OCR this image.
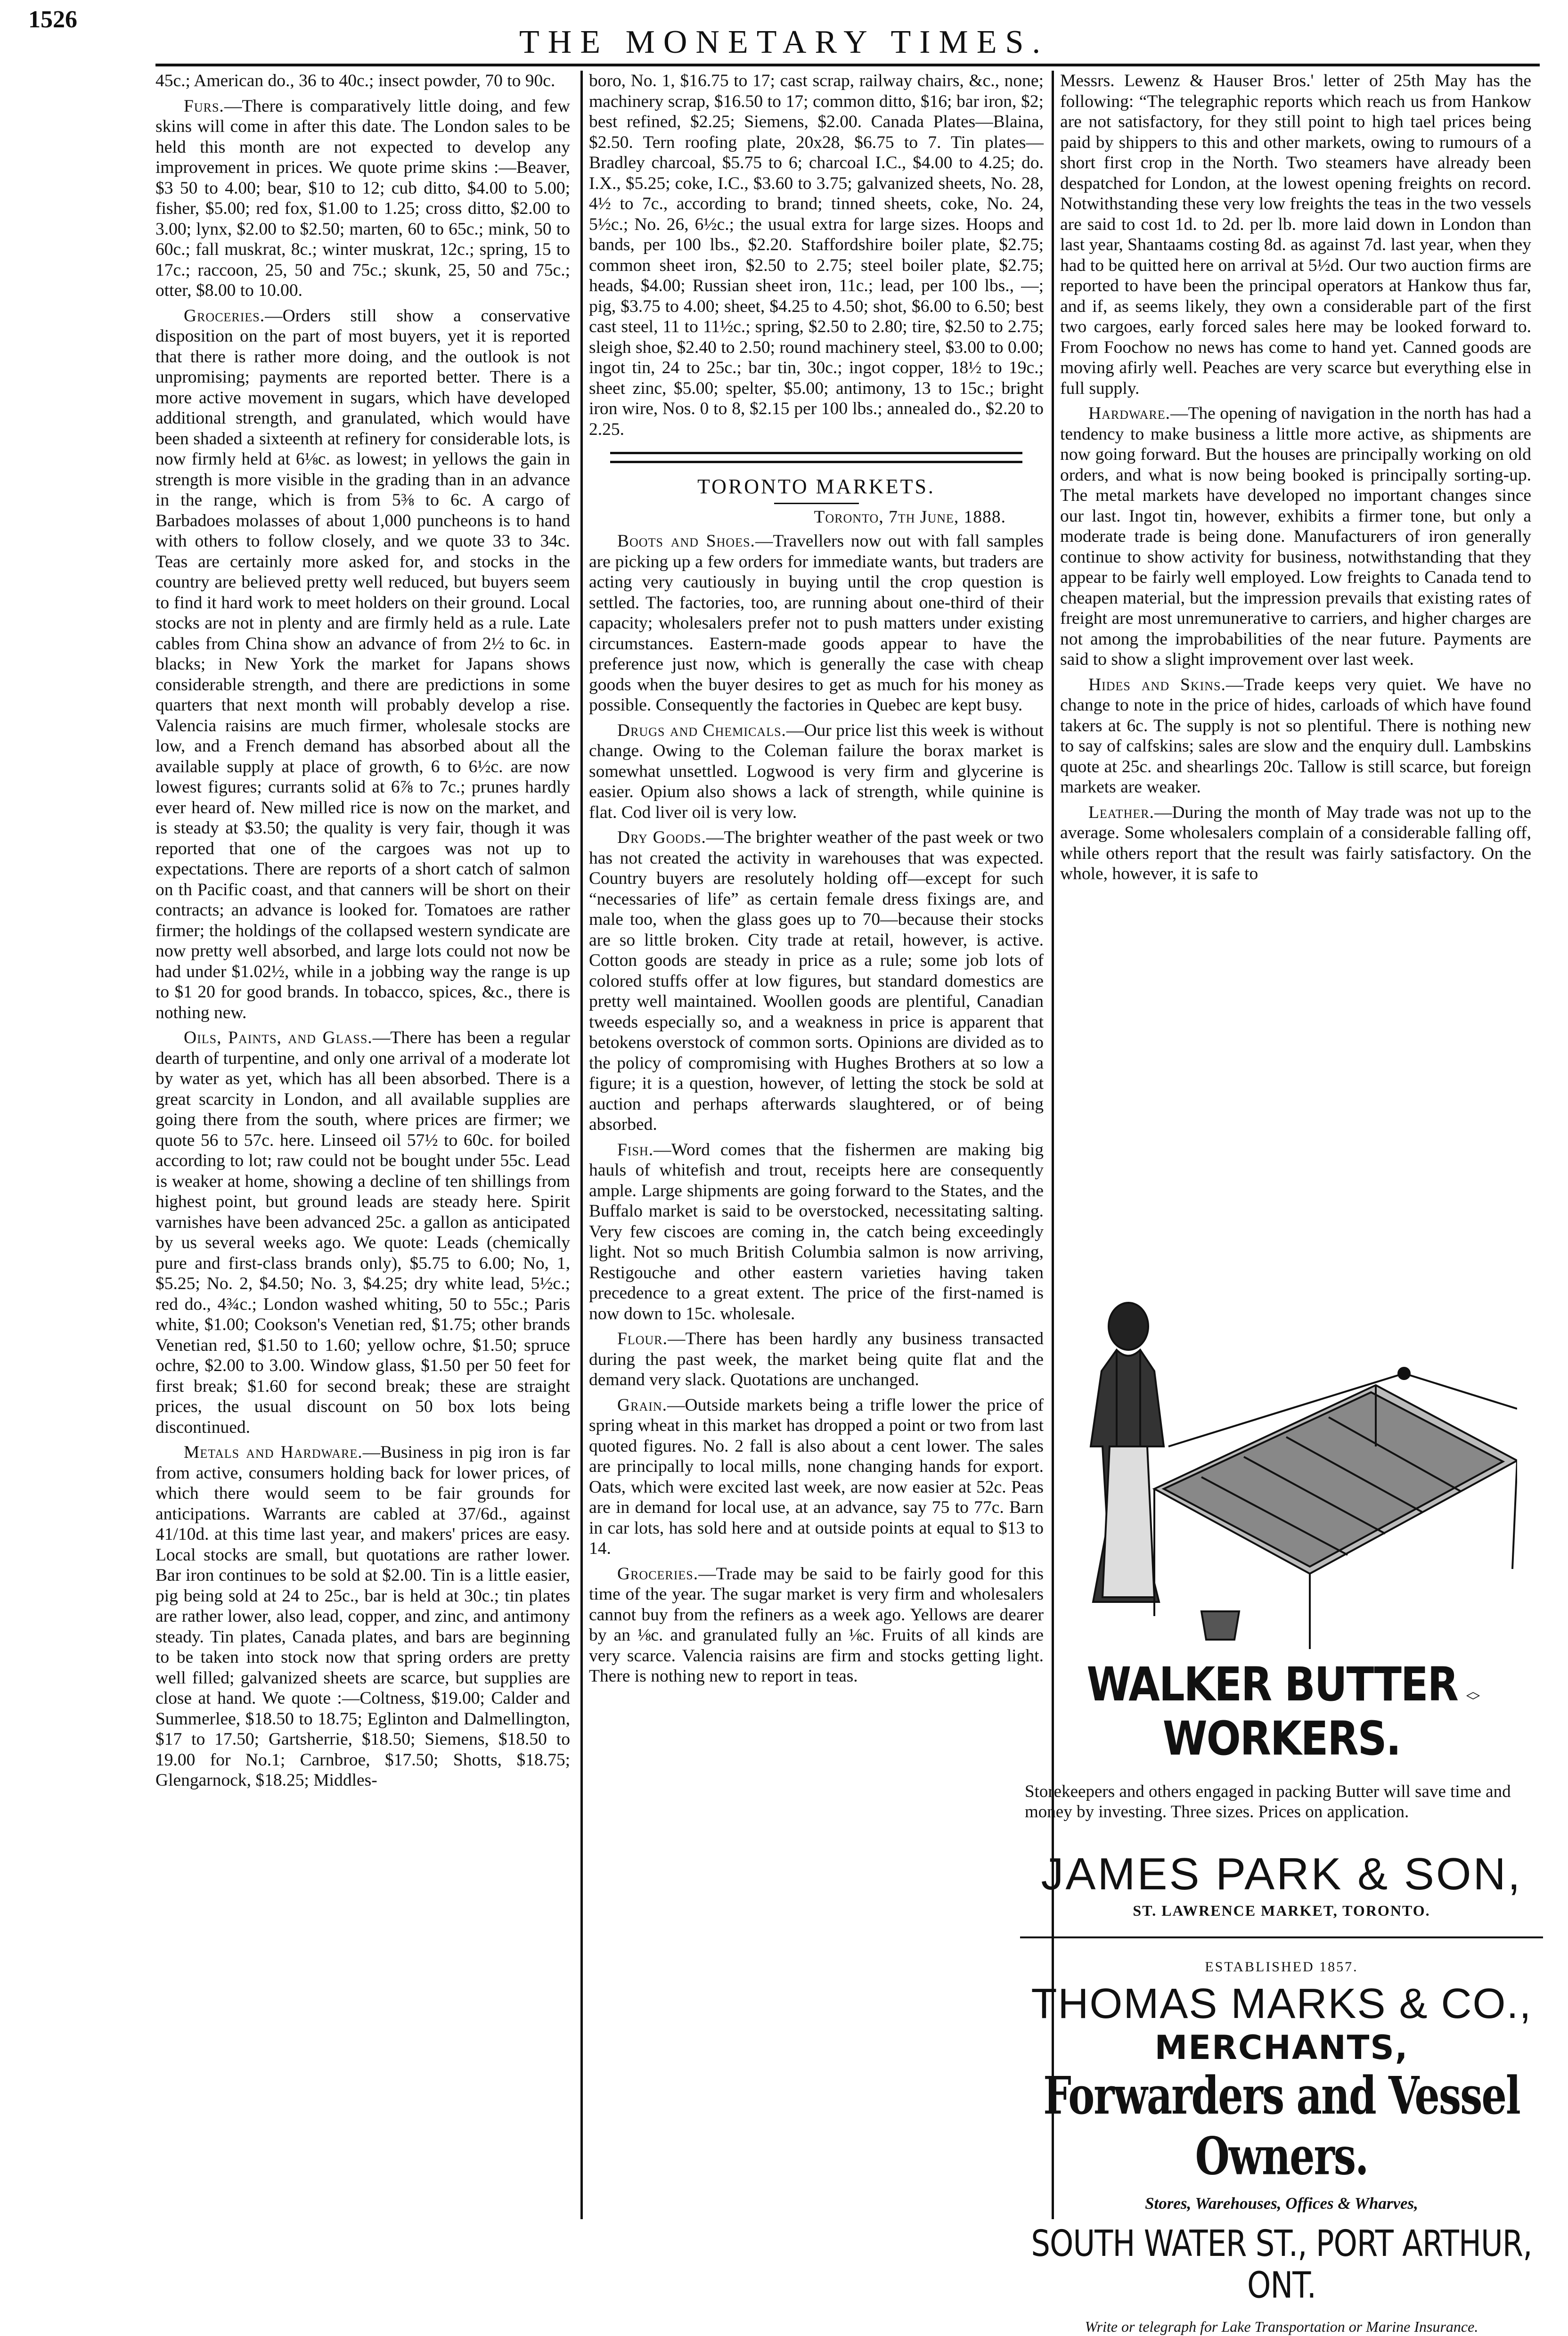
1526
THE MONETARY TIMES.

45c.; American do., 36 to 40c.; insect powder, 70 to 90c.

Furs.—There is comparatively little doing, and few skins will come in after this date. The London sales to be held this month are not expected to develop any improvement in prices. We quote prime skins :—Beaver, $3 50 to 4.00; bear, $10 to 12; cub ditto, $4.00 to 5.00; fisher, $5.00; red fox, $1.00 to 1.25; cross ditto, $2.00 to 3.00; lynx, $2.00 to $2.50; marten, 60 to 65c.; mink, 50 to 60c.; fall muskrat, 8c.; winter muskrat, 12c.; spring, 15 to 17c.; raccoon, 25, 50 and 75c.; skunk, 25, 50 and 75c.; otter, $8.00 to 10.00.

Groceries.—Orders still show a conservative disposition on the part of most buyers, yet it is reported that there is rather more doing, and the outlook is not unpromising; payments are reported better. There is a more active movement in sugars, which have developed additional strength, and granulated, which would have been shaded a sixteenth at refinery for considerable lots, is now firmly held at 6⅛c. as lowest; in yellows the gain in strength is more visible in the grading than in an advance in the range, which is from 5⅜ to 6c. A cargo of Barbadoes molasses of about 1,000 puncheons is to hand with others to follow closely, and we quote 33 to 34c. Teas are certainly more asked for, and stocks in the country are believed pretty well reduced, but buyers seem to find it hard work to meet holders on their ground. Local stocks are not in plenty and are firmly held as a rule. Late cables from China show an advance of from 2½ to 6c. in blacks; in New York the market for Japans shows considerable strength, and there are predictions in some quarters that next month will probably develop a rise. Valencia raisins are much firmer, wholesale stocks are low, and a French demand has absorbed about all the available supply at place of growth, 6 to 6½c. are now lowest figures; currants solid at 6⅞ to 7c.; prunes hardly ever heard of. New milled rice is now on the market, and is steady at $3.50; the quality is very fair, though it was reported that one of the cargoes was not up to expectations. There are reports of a short catch of salmon on th Pacific coast, and that canners will be short on their contracts; an advance is looked for. Tomatoes are rather firmer; the holdings of the collapsed western syndicate are now pretty well absorbed, and large lots could not now be had under $1.02½, while in a jobbing way the range is up to $1 20 for good brands. In tobacco, spices, &c., there is nothing new.

Oils, Paints, and Glass.—There has been a regular dearth of turpentine, and only one arrival of a moderate lot by water as yet, which has all been absorbed. There is a great scarcity in London, and all available supplies are going there from the south, where prices are firmer; we quote 56 to 57c. here. Linseed oil 57½ to 60c. for boiled according to lot; raw could not be bought under 55c. Lead is weaker at home, showing a decline of ten shillings from highest point, but ground leads are steady here. Spirit varnishes have been advanced 25c. a gallon as anticipated by us several weeks ago. We quote: Leads (chemically pure and first-class brands only), $5.75 to 6.00; No, 1, $5.25; No. 2, $4.50; No. 3, $4.25; dry white lead, 5½c.; red do., 4¾c.; London washed whiting, 50 to 55c.; Paris white, $1.00; Cookson's Venetian red, $1.75; other brands Venetian red, $1.50 to 1.60; yellow ochre, $1.50; spruce ochre, $2.00 to 3.00. Window glass, $1.50 per 50 feet for first break; $1.60 for second break; these are straight prices, the usual discount on 50 box lots being discontinued.

Metals and Hardware.—Business in pig iron is far from active, consumers holding back for lower prices, of which there would seem to be fair grounds for anticipations. Warrants are cabled at 37/6d., against 41/10d. at this time last year, and makers' prices are easy. Local stocks are small, but quotations are rather lower. Bar iron continues to be sold at $2.00. Tin is a little easier, pig being sold at 24 to 25c., bar is held at 30c.; tin plates are rather lower, also lead, copper, and zinc, and antimony steady. Tin plates, Canada plates, and bars are beginning to be taken into stock now that spring orders are pretty well filled; galvanized sheets are scarce, but supplies are close at hand. We quote :—Coltness, $19.00; Calder and Summerlee, $18.50 to 18.75; Eglinton and Dalmellington, $17 to 17.50; Gartsherrie, $18.50; Siemens, $18.50 to 19.00 for No.1; Carnbroe, $17.50; Shotts, $18.75; Glengarnock, $18.25; Middles-

boro, No. 1, $16.75 to 17; cast scrap, railway chairs, &c., none; machinery scrap, $16.50 to 17; common ditto, $16; bar iron, $2; best refined, $2.25; Siemens, $2.00. Canada Plates—Blaina, $2.50. Tern roofing plate, 20x28, $6.75 to 7. Tin plates—Bradley charcoal, $5.75 to 6; charcoal I.C., $4.00 to 4.25; do. I.X., $5.25; coke, I.C., $3.60 to 3.75; galvanized sheets, No. 28, 4½ to 7c., according to brand; tinned sheets, coke, No. 24, 5½c.; No. 26, 6½c.; the usual extra for large sizes. Hoops and bands, per 100 lbs., $2.20. Staffordshire boiler plate, $2.75; common sheet iron, $2.50 to 2.75; steel boiler plate, $2.75; heads, $4.00; Russian sheet iron, 11c.; lead, per 100 lbs., —; pig, $3.75 to 4.00; sheet, $4.25 to 4.50; shot, $6.00 to 6.50; best cast steel, 11 to 11½c.; spring, $2.50 to 2.80; tire, $2.50 to 2.75; sleigh shoe, $2.40 to 2.50; round machinery steel, $3.00 to 0.00; ingot tin, 24 to 25c.; bar tin, 30c.; ingot copper, 18½ to 19c.; sheet zinc, $5.00; spelter, $5.00; antimony, 13 to 15c.; bright iron wire, Nos. 0 to 8, $2.15 per 100 lbs.; annealed do., $2.20 to 2.25.

TORONTO MARKETS.
Toronto, 7th June, 1888.

Boots and Shoes.—Travellers now out with fall samples are picking up a few orders for immediate wants, but traders are acting very cautiously in buying until the crop question is settled. The factories, too, are running about one-third of their capacity; wholesalers prefer not to push matters under existing circumstances. Eastern-made goods appear to have the preference just now, which is generally the case with cheap goods when the buyer desires to get as much for his money as possible. Consequently the factories in Quebec are kept busy.

Drugs and Chemicals.—Our price list this week is without change. Owing to the Coleman failure the borax market is somewhat unsettled. Logwood is very firm and glycerine is easier. Opium also shows a lack of strength, while quinine is flat. Cod liver oil is very low.

Dry Goods.—The brighter weather of the past week or two has not created the activity in warehouses that was expected. Country buyers are resolutely holding off—except for such “necessaries of life” as certain female dress fixings are, and male too, when the glass goes up to 70—because their stocks are so little broken. City trade at retail, however, is active. Cotton goods are steady in price as a rule; some job lots of colored stuffs offer at low figures, but standard domestics are pretty well maintained. Woollen goods are plentiful, Canadian tweeds especially so, and a weakness in price is apparent that betokens overstock of common sorts. Opinions are divided as to the policy of compromising with Hughes Brothers at so low a figure; it is a question, however, of letting the stock be sold at auction and perhaps afterwards slaughtered, or of being absorbed.

Fish.—Word comes that the fishermen are making big hauls of whitefish and trout, receipts here are consequently ample. Large shipments are going forward to the States, and the Buffalo market is said to be overstocked, necessitating salting. Very few ciscoes are coming in, the catch being exceedingly light. Not so much British Columbia salmon is now arriving, Restigouche and other eastern varieties having taken precedence to a great extent. The price of the first-named is now down to 15c. wholesale.

Flour.—There has been hardly any business transacted during the past week, the market being quite flat and the demand very slack. Quotations are unchanged.

Grain.—Outside markets being a trifle lower the price of spring wheat in this market has dropped a point or two from last quoted figures. No. 2 fall is also about a cent lower. The sales are principally to local mills, none changing hands for export. Oats, which were excited last week, are now easier at 52c. Peas are in demand for local use, at an advance, say 75 to 77c. Barn in car lots, has sold here and at outside points at equal to $13 to 14.

Groceries.—Trade may be said to be fairly good for this time of the year. The sugar market is very firm and wholesalers cannot buy from the refiners as a week ago. Yellows are dearer by an ⅛c. and granulated fully an ⅛c. Fruits of all kinds are very scarce. Valencia raisins are firm and stocks getting light. There is nothing new to report in teas.

Messrs. Lewenz & Hauser Bros.' letter of 25th May has the following: “The telegraphic reports which reach us from Hankow are not satisfactory, for they still point to high tael prices being paid by shippers to this and other markets, owing to rumours of a short first crop in the North. Two steamers have already been despatched for London, at the lowest opening freights on record. Notwithstanding these very low freights the teas in the two vessels are said to cost 1d. to 2d. per lb. more laid down in London than last year, Shantaams costing 8d. as against 7d. last year, when they had to be quitted here on arrival at 5½d. Our two auction firms are reported to have been the principal operators at Hankow thus far, and if, as seems likely, they own a considerable part of the first two cargoes, early forced sales here may be looked forward to. From Foochow no news has come to hand yet. Canned goods are moving afirly well. Peaches are very scarce but everything else in full supply.

Hardware.—The opening of navigation in the north has had a tendency to make business a little more active, as shipments are now going forward. But the houses are principally working on old orders, and what is now being booked is principally sorting-up. The metal markets have developed no important changes since our last. Ingot tin, however, exhibits a firmer tone, but only a moderate trade is being done. Manufacturers of iron generally continue to show activity for business, notwithstanding that they appear to be fairly well employed. Low freights to Canada tend to cheapen material, but the impression prevails that existing rates of freight are most unremunerative to carriers, and higher charges are not among the improbabilities of the near future. Payments are said to show a slight improvement over last week.

Hides and Skins.—Trade keeps very quiet. We have no change to note in the price of hides, carloads of which have found takers at 6c. The supply is not so plentiful. There is nothing new to say of calfskins; sales are slow and the enquiry dull. Lambskins quote at 25c. and shearlings 20c. Tallow is still scarce, but foreign markets are weaker.

Leather.—During the month of May trade was not up to the average. Some wholesalers complain of a considerable falling off, while others report that the result was fairly satisfactory. On the whole, however, it is safe to

WALKER BUTTER ◊ WORKERS.
Storekeepers and others engaged in packing Butter will save time and money by investing. Three sizes. Prices on application.
JAMES PARK & SON,
ST. LAWRENCE MARKET, TORONTO.
ESTABLISHED 1857.
THOMAS MARKS & CO.,
MERCHANTS,
Forwarders and Vessel Owners.
Stores, Warehouses, Offices & Wharves,
SOUTH WATER ST., PORT ARTHUR, ONT.
Write or telegraph for Lake Transportation or Marine Insurance.
